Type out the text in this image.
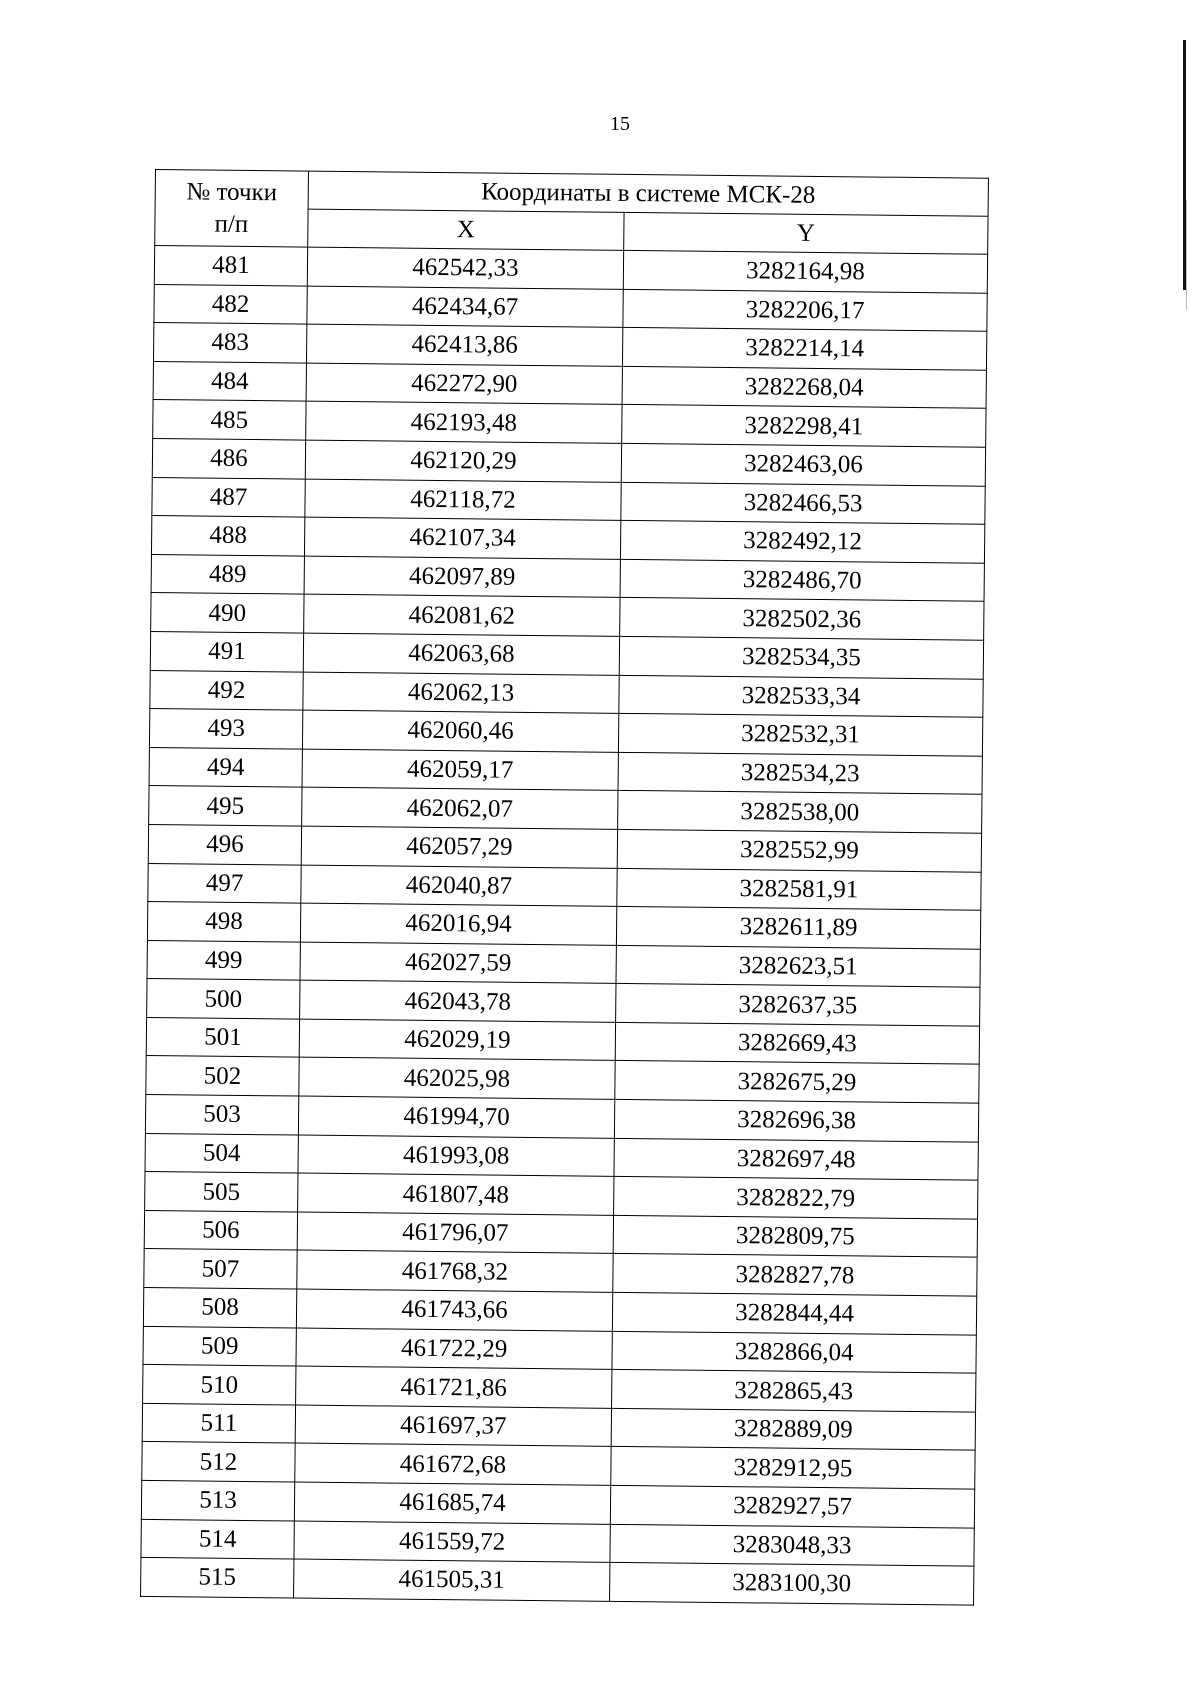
15
№ точки
п/п	Координаты в системе МСК-28	
	X	Y
481	462542,33	3282164,98
482	462434,67	3282206,17
483	462413,86	3282214,14
484	462272,90	3282268,04
485	462193,48	3282298,41
486	462120,29	3282463,06
487	462118,72	3282466,53
488	462107,34	3282492,12
489	462097,89	3282486,70
490	462081,62	3282502,36
491	462063,68	3282534,35
492	462062,13	3282533,34
493	462060,46	3282532,31
494	462059,17	3282534,23
495	462062,07	3282538,00
496	462057,29	3282552,99
497	462040,87	3282581,91
498	462016,94	3282611,89
499	462027,59	3282623,51
500	462043,78	3282637,35
501	462029,19	3282669,43
502	462025,98	3282675,29
503	461994,70	3282696,38
504	461993,08	3282697,48
505	461807,48	3282822,79
506	461796,07	3282809,75
507	461768,32	3282827,78
508	461743,66	3282844,44
509	461722,29	3282866,04
510	461721,86	3282865,43
511	461697,37	3282889,09
512	461672,68	3282912,95
513	461685,74	3282927,57
514	461559,72	3283048,33
515	461505,31	3283100,30
